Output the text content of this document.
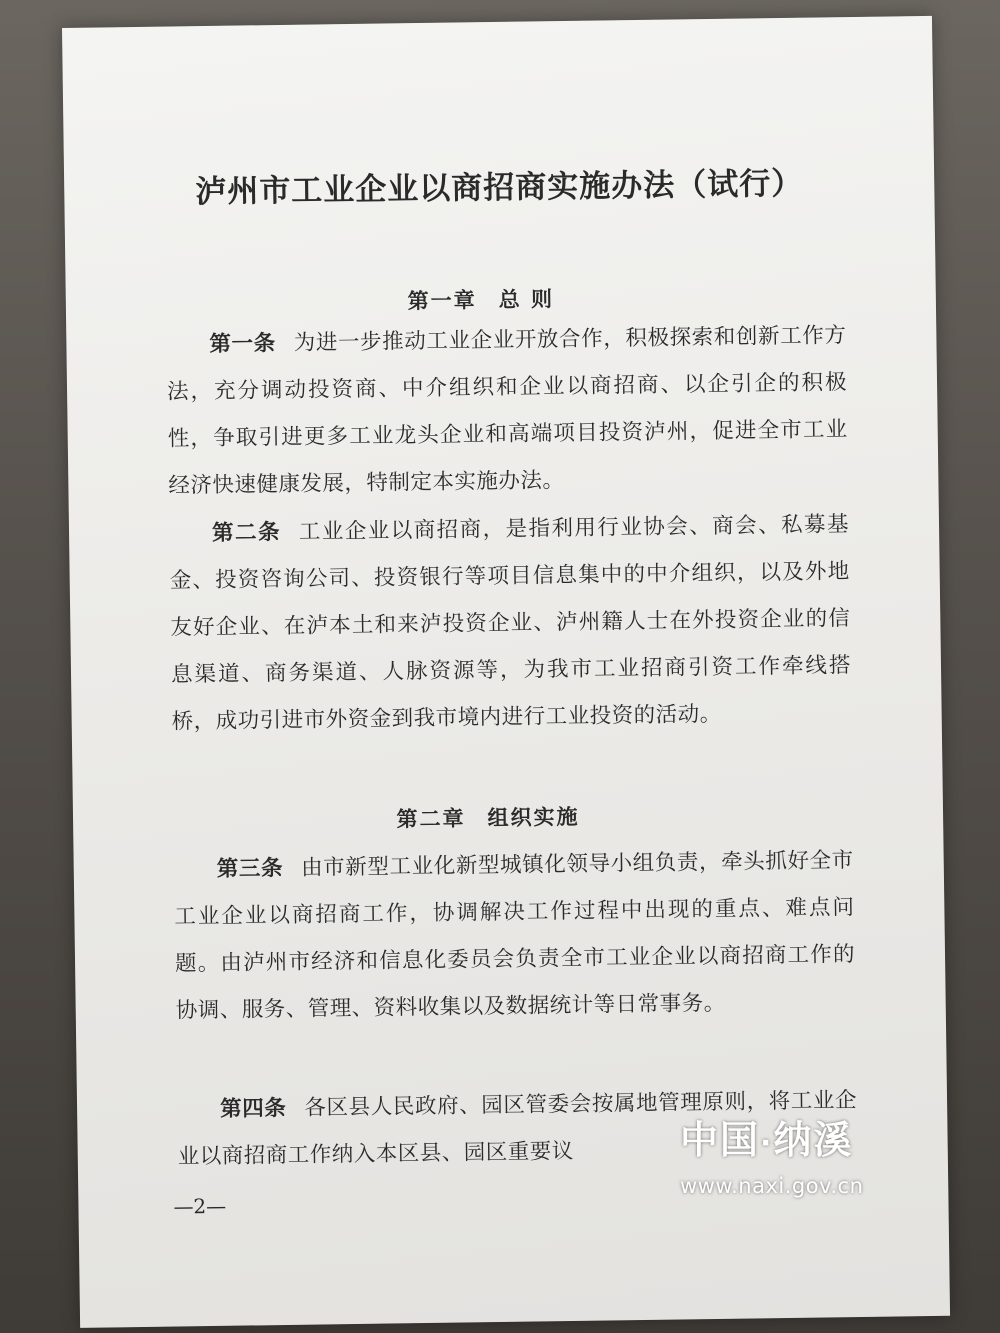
泸州市工业企业以商招商实施办法（试行）
第一章 总 则

第一条 为进一步推动工业企业开放合作，积极探索和创新工作方法，充分调动投资商、中介组织和企业以商招商、以企引企的积极性，争取引进更多工业龙头企业和高端项目投资泸州，促进全市工业经济快速健康发展，特制定本实施办法。

第二条 工业企业以商招商，是指利用行业协会、商会、私募基金、投资咨询公司、投资银行等项目信息集中的中介组织，以及外地友好企业、在泸本土和来泸投资企业、泸州籍人士在外投资企业的信息渠道、商务渠道、人脉资源等，为我市工业招商引资工作牵线搭桥，成功引进市外资金到我市境内进行工业投资的活动。

第二章 组织实施

第三条 由市新型工业化新型城镇化领导小组负责，牵头抓好全市工业企业以商招商工作，协调解决工作过程中出现的重点、难点问题。由泸州市经济和信息化委员会负责全市工业企业以商招商工作的协调、服务、管理、资料收集以及数据统计等日常事务。

第四条 各区县人民政府、园区管委会按属地管理原则，将工业企业以商招商工作纳入本区县、园区重要议

—2—

中国·纳溪
www.naxi.gov.cn
